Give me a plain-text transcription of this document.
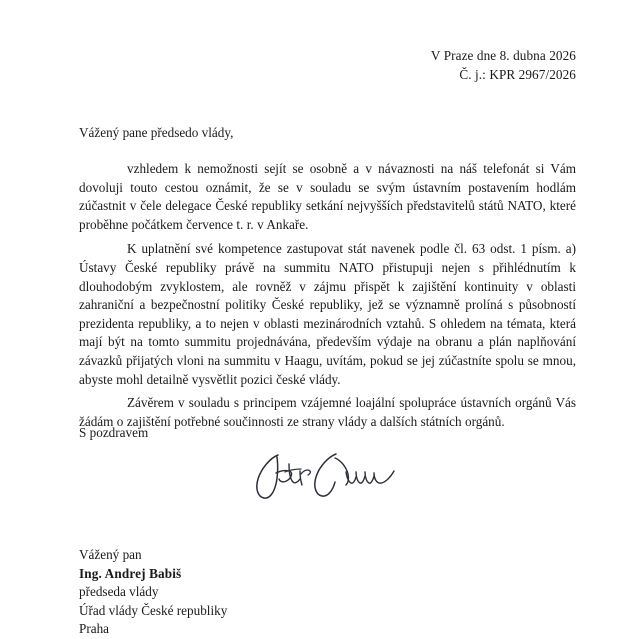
V Praze dne 8. dubna 2026
Č. j.: KPR 2967/2026
Vážený pane předsedo vlády,

vzhledem k nemožnosti sejít se osobně a v návaznosti na náš telefonát si Vám dovoluji touto cestou oznámit, že se v souladu se svým ústavním postavením hodlám zúčastnit v čele delegace České republiky setkání nejvyšších představitelů států NATO, které proběhne počátkem července t. r. v Ankaře.

K uplatnění své kompetence zastupovat stát navenek podle čl. 63 odst. 1 písm. a) Ústavy České republiky právě na summitu NATO přistupuji nejen s přihlédnutím k dlouhodobým zvyklostem, ale rovněž v zájmu přispět k zajištění kontinuity v oblasti zahraniční a bezpečnostní politiky České republiky, jež se významně prolíná s působností prezidenta republiky, a to nejen v oblasti mezinárodních vztahů. S ohledem na témata, která mají být na tomto summitu projednávána, především výdaje na obranu a plán naplňování závazků přijatých vloni na summitu v Haagu, uvítám, pokud se jej zúčastníte spolu se mnou, abyste mohl detailně vysvětlit pozici české vlády.

Závěrem v souladu s principem vzájemné loajální spolupráce ústavních orgánů Vás žádám o zajištění potřebné součinnosti ze strany vlády a dalších státních orgánů.

S pozdravem
Vážený pan
Ing. Andrej Babiš
předseda vlády
Úřad vlády České republiky
Praha
